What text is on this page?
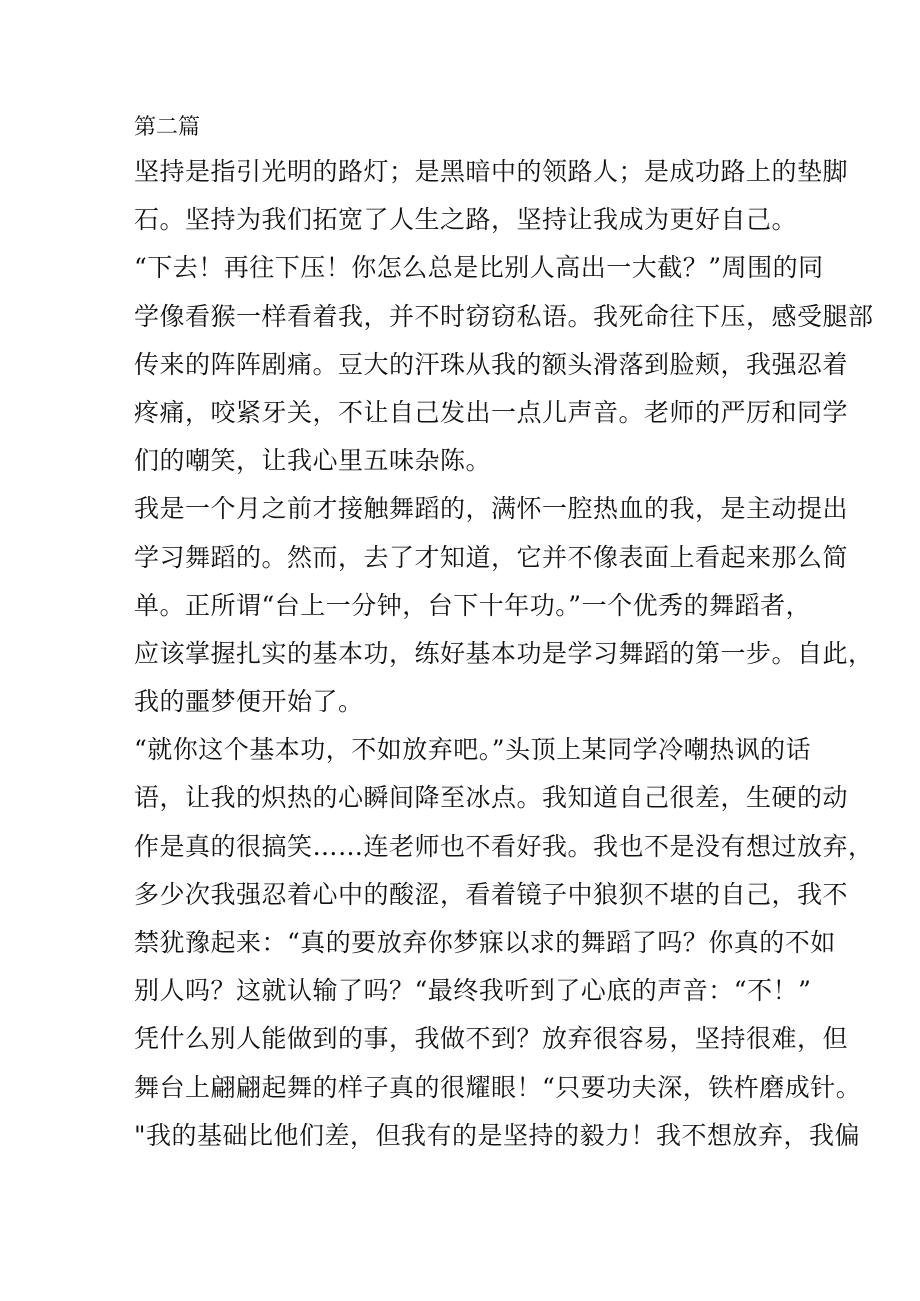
第二篇
坚持是指引光明的路灯；是黑暗中的领路人；是成功路上的垫脚
石。坚持为我们拓宽了人生之路，坚持让我成为更好自己。
“下去！再往下压！你怎么总是比别人高出一大截？”周围的同
学像看猴一样看着我，并不时窃窃私语。我死命往下压，感受腿部
传来的阵阵剧痛。豆大的汗珠从我的额头滑落到脸颊，我强忍着
疼痛，咬紧牙关，不让自己发出一点儿声音。老师的严厉和同学
们的嘲笑，让我心里五味杂陈。
我是一个月之前才接触舞蹈的，满怀一腔热血的我，是主动提出
学习舞蹈的。然而，去了才知道，它并不像表面上看起来那么简
单。正所谓“台上一分钟，台下十年功。”一个优秀的舞蹈者，
应该掌握扎实的基本功，练好基本功是学习舞蹈的第一步。自此，
我的噩梦便开始了。
“就你这个基本功，不如放弃吧。”头顶上某同学冷嘲热讽的话
语，让我的炽热的心瞬间降至冰点。我知道自己很差，生硬的动
作是真的很搞笑……连老师也不看好我。我也不是没有想过放弃，
多少次我强忍着心中的酸涩，看着镜子中狼狈不堪的自己，我不
禁犹豫起来：“真的要放弃你梦寐以求的舞蹈了吗？你真的不如
别人吗？这就认输了吗？“最终我听到了心底的声音：“不！”
凭什么别人能做到的事，我做不到？放弃很容易，坚持很难，但
舞台上翩翩起舞的样子真的很耀眼！“只要功夫深，铁杵磨成针。
"我的基础比他们差，但我有的是坚持的毅力！我不想放弃，我偏
